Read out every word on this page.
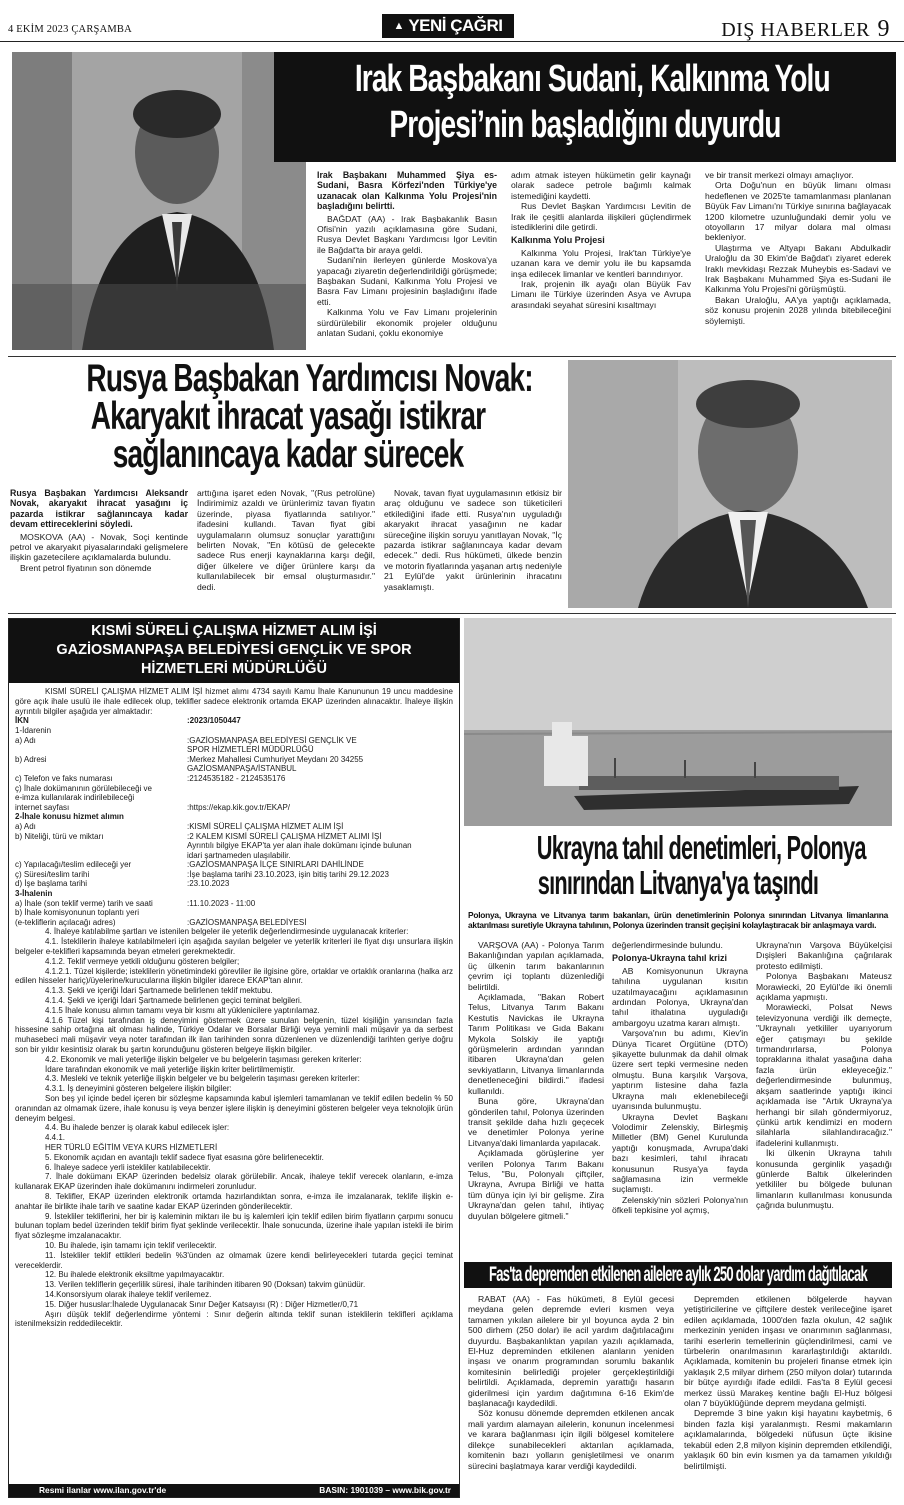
4 EKİM 2023 ÇARŞAMBA	▲ YENİ ÇAĞRI	DIŞ HABERLER 9
Irak Başbakanı Sudani, Kalkınma Yolu
Projesi’nin başladığını duyurdu
Irak Başbakanı Muhammed Şiya es-Sudani, Basra Körfezi'nden Türkiye'ye uzanacak olan Kalkınma Yolu Projesi'nin başladığını belirtti.

BAĞDAT (AA) - Irak Başbakanlık Basın Ofisi'nin yazılı açıklamasına göre Sudani, Rusya Devlet Başkanı Yardımcısı Igor Levitin ile Bağdat'ta bir araya geldi.

Sudani'nin ilerleyen günlerde Moskova'ya yapacağı ziyaretin değerlendirildiği görüşmede; Başbakan Sudani, Kalkınma Yolu Projesi ve Basra Fav Limanı projesinin başladığını ifade etti.

Kalkınma Yolu ve Fav Limanı projelerinin sürdürülebilir ekonomik projeler olduğunu anlatan Sudani, çoklu ekonomiye

adım atmak isteyen hükümetin gelir kaynağı olarak sadece petrole bağımlı kalmak istemediğini kaydetti.

Rus Devlet Başkan Yardımcısı Levitin de Irak ile çeşitli alanlarda ilişkileri güçlendirmek istediklerini dile getirdi.

Kalkınma Yolu Projesi

Kalkınma Yolu Projesi, Irak'tan Türkiye'ye uzanan kara ve demir yolu ile bu kapsamda inşa edilecek limanlar ve kentleri barındırıyor.

Irak, projenin ilk ayağı olan Büyük Fav Limanı ile Türkiye üzerinden Asya ve Avrupa arasındaki seyahat süresini kısaltmayı

ve bir transit merkezi olmayı amaçlıyor.

Orta Doğu'nun en büyük limanı olması hedeflenen ve 2025'te tamamlanması planlanan Büyük Fav Limanı'nı Türkiye sınırına bağlayacak 1200 kilometre uzunluğundaki demir yolu ve otoyolların 17 milyar dolara mal olması bekleniyor.

Ulaştırma ve Altyapı Bakanı Abdulkadir Uraloğlu da 30 Ekim'de Bağdat'ı ziyaret ederek Iraklı mevkidaşı Rezzak Muheybis es-Sadavi ve Irak Başbakanı Muhammed Şiya es-Sudani ile Kalkınma Yolu Projesi'ni görüşmüştü.

Bakan Uraloğlu, AA'ya yaptığı açıklamada, söz konusu projenin 2028 yılında bitebileceğini söylemişti.

Rusya Başbakan Yardımcısı Novak:
Akaryakıt ihracat yasağı istikrar
sağlanıncaya kadar sürecek
Rusya Başbakan Yardımcısı Aleksandr Novak, akaryakıt ihracat yasağını iç pazarda istikrar sağlanıncaya kadar devam ettireceklerini söyledi.

MOSKOVA (AA) - Novak, Soçi kentinde petrol ve akaryakıt piyasalarındaki gelişmelere ilişkin gazetecilere açıklamalarda bulundu.

Brent petrol fiyatının son dönemde

arttığına işaret eden Novak, "(Rus petrolüne) İndirimimiz azaldı ve ürünlerimiz tavan fiyatın üzerinde, piyasa fiyatlarında satılıyor." ifadesini kullandı. Tavan fiyat gibi uygulamaların olumsuz sonuçlar yarattığını belirten Novak, "En kötüsü de gelecekte sadece Rus enerji kaynaklarına karşı değil, diğer ülkelere ve diğer ürünlere karşı da kullanılabilecek bir emsal oluşturmasıdır." dedi.

Novak, tavan fiyat uygulamasının etkisiz bir araç olduğunu ve sadece son tüketicileri etkilediğini ifade etti. Rusya'nın uyguladığı akaryakıt ihracat yasağının ne kadar süreceğine ilişkin soruyu yanıtlayan Novak, "İç pazarda istikrar sağlanıncaya kadar devam edecek." dedi. Rus hükümeti, ülkede benzin ve motorin fiyatlarında yaşanan artış nedeniyle 21 Eylül'de yakıt ürünlerinin ihracatını yasaklamıştı.

KISMİ SÜRELİ ÇALIŞMA HİZMET ALIM İŞİ
GAZİOSMANPAŞA BELEDİYESİ GENÇLİK VE SPOR
HİZMETLERİ MÜDÜRLÜĞÜ

KISMİ SÜRELİ ÇALIŞMA HİZMET ALIM İŞİ hizmet alımı 4734 sayılı Kamu İhale Kanununun 19 uncu maddesine göre açık ihale usulü ile ihale edilecek olup, teklifler sadece elektronik ortamda EKAP üzerinden alınacaktır. İhaleye ilişkin ayrıntılı bilgiler aşağıda yer almaktadır:

İKN	:2023/1050447
1-İdarenin
a) Adı	:GAZİOSMANPAŞA BELEDİYESİ GENÇLİK VE
SPOR HİZMETLERİ MÜDÜRLÜĞÜ
b) Adresi	:Merkez Mahallesi Cumhuriyet Meydanı 20 34255
GAZİOSMANPAŞA/İSTANBUL
c) Telefon ve faks numarası	:2124535182 - 2124535176
ç) İhale dokümanının görülebileceği ve
e-imza kullanılarak indirilebileceği
internet sayfası	:https://ekap.kik.gov.tr/EKAP/
2-İhale konusu hizmet alımın
a) Adı	:KISMİ SÜRELİ ÇALIŞMA HİZMET ALIM İŞİ
b) Niteliği, türü ve miktarı	:2 KALEM KISMİ SÜRELİ ÇALIŞMA HİZMET ALIMI İŞİ
Ayrıntılı bilgiye EKAP'ta yer alan ihale dokümanı içinde bulunan
idari şartnameden ulaşılabilir.
c) Yapılacağı/teslim edileceği yer	:GAZİOSMANPAŞA İLÇE SINIRLARI DAHİLİNDE
ç) Süresi/teslim tarihi	:İşe başlama tarihi 23.10.2023, işin bitiş tarihi 29.12.2023
d) İşe başlama tarihi	:23.10.2023
3-İhalenin
a) İhale (son teklif verme) tarih ve saati	:11.10.2023 - 11:00
b) İhale komisyonunun toplantı yeri
(e-tekliflerin açılacağı adres)	:GAZİOSMANPAŞA BELEDİYESİ

4. İhaleye katılabilme şartları ve istenilen belgeler ile yeterlik değerlendirmesinde uygulanacak kriterler:

4.1. İsteklilerin ihaleye katılabilmeleri için aşağıda sayılan belgeler ve yeterlik kriterleri ile fiyat dışı unsurlara ilişkin belgeler e-teklifleri kapsamında beyan etmeleri gerekmektedir.

4.1.2. Teklif vermeye yetkili olduğunu gösteren belgiler;

4.1.2.1. Tüzel kişilerde; isteklilerin yönetimindeki görevliler ile ilgisine göre, ortaklar ve ortaklık oranlarına (halka arz edilen hisseler hariç)/üyelerine/kurucularına ilişkin bilgiler idarece EKAP'tan alınır.

4.1.3. Şekli ve içeriği İdari Şartnamede belirlenen teklif mektubu.

4.1.4. Şekli ve içeriği İdari Şartnamede belirlenen geçici teminat belgileri.

4.1.5 İhale konusu alımın tamamı veya bir kısmı alt yüklenicilere yaptırılamaz.

4.1.6 Tüzel kişi tarafından iş deneyimini göstermek üzere sunulan belgenin, tüzel kişiliğin yarısından fazla hissesine sahip ortağına ait olması halinde, Türkiye Odalar ve Borsalar Birliği veya yeminli mali müşavir ya da serbest muhasebeci mali müşavir veya noter tarafından ilk ilan tarihinden sonra düzenlenen ve düzenlendiği tarihten geriye doğru son bir yıldır kesintisiz olarak bu şartın korunduğunu gösteren belgeye ilişkin bilgiler.

4.2. Ekonomik ve mali yeterliğe ilişkin belgeler ve bu belgelerin taşıması gereken kriterler:

İdare tarafından ekonomik ve mali yeterliğe ilişkin kriter belirtilmemiştir.

4.3. Mesleki ve teknik yeterliğe ilişkin belgeler ve bu belgelerin taşıması gereken kriterler:

4.3.1. İş deneyimini gösteren belgelere ilişkin bilgiler:

Son beş yıl içinde bedel içeren bir sözleşme kapsamında kabul işlemleri tamamlanan ve teklif edilen bedelin % 50 oranından az olmamak üzere, ihale konusu iş veya benzer işlere ilişkin iş deneyimini gösteren belgeler veya teknolojik ürün deneyim belgesi.

4.4. Bu ihalede benzer iş olarak kabul edilecek işler:

4.4.1.

HER TÜRLÜ EĞİTİM VEYA KURS HİZMETLERİ

5. Ekonomik açıdan en avantajlı teklif sadece fiyat esasına göre belirlenecektir.

6. İhaleye sadece yerli istekliler katılabilecektir.

7. İhale dokümanı EKAP üzerinden bedelsiz olarak görülebilir. Ancak, ihaleye teklif verecek olanların, e-imza kullanarak EKAP üzerinden ihale dokümanını indirmeleri zorunludur.

8. Teklifler, EKAP üzerinden elektronik ortamda hazırlandıktan sonra, e-imza ile imzalanarak, teklife ilişkin e-anahtar ile birlikte ihale tarih ve saatine kadar EKAP üzerinden gönderilecektir.

9. İstekliler tekliflerini, her bir iş kaleminin miktarı ile bu iş kalemleri için teklif edilen birim fiyatların çarpımı sonucu bulunan toplam bedel üzerinden teklif birim fiyat şeklinde verilecektir. İhale sonucunda, üzerine ihale yapılan istekli ile birim fiyat sözleşme imzalanacaktır.

10. Bu ihalede, işin tamamı için teklif verilecektir.

11. İstekliler teklif ettikleri bedelin %3'ünden az olmamak üzere kendi belirleyecekleri tutarda geçici teminat vereceklerdir.

12. Bu ihalede elektronik eksiltme yapılmayacaktır.

13. Verilen tekliflerin geçerlilik süresi, ihale tarihinden itibaren 90 (Doksan) takvim günüdür.

14.Konsorsiyum olarak ihaleye teklif verilemez.

15. Diğer hususlar:İhalede Uygulanacak Sınır Değer Katsayısı (R) : Diğer Hizmetler/0,71

Aşırı düşük teklif değerlendirme yöntemi : Sınır değerin altında teklif sunan isteklilerin teklifleri açıklama istenilmeksizin reddedilecektir.

Resmi ilanlar www.ilan.gov.tr'de	BASIN: 1901039 – www.bik.gov.tr
Ukrayna tahıl denetimleri, Polonya
sınırından Litvanya'ya taşındı
Polonya, Ukrayna ve Litvanya tarım bakanları, ürün denetimlerinin Polonya sınırından Litvanya limanlarına aktarılması suretiyle Ukrayna tahılının, Polonya üzerinden transit geçişini kolaylaştıracak bir anlaşmaya vardı.

VARŞOVA (AA) - Polonya Tarım Bakanlığından yapılan açıklamada, üç ülkenin tarım bakanlarının çevrim içi toplantı düzenlediği belirtildi.

Açıklamada, "Bakan Robert Telus, Litvanya Tarım Bakanı Kestutis Navickas ile Ukrayna Tarım Politikası ve Gıda Bakanı Mykola Solskiy ile yaptığı görüşmelerin ardından yarından itibaren Ukrayna'dan gelen sevkiyatların, Litvanya limanlarında denetleneceğini bildirdi." ifadesi kullanıldı.

Buna göre, Ukrayna'dan gönderilen tahıl, Polonya üzerinden transit şekilde daha hızlı geçecek ve denetimler Polonya yerine Litvanya'daki limanlarda yapılacak.

Açıklamada görüşlerine yer verilen Polonya Tarım Bakanı Telus, "Bu, Polonyalı çiftçiler, Ukrayna, Avrupa Birliği ve hatta tüm dünya için iyi bir gelişme. Zira Ukrayna'dan gelen tahıl, ihtiyaç duyulan bölgelere gitmeli."

değerlendirmesinde bulundu.

Polonya-Ukrayna tahıl krizi

AB Komisyonunun Ukrayna tahılına uygulanan kısıtın uzatılmayacağını açıklamasının ardından Polonya, Ukrayna'dan tahıl ithalatına uyguladığı ambargoyu uzatma kararı almıştı.

Varşova'nın bu adımı, Kiev'in Dünya Ticaret Örgütüne (DTÖ) şikayette bulunmak da dahil olmak üzere sert tepki vermesine neden olmuştu. Buna karşılık Varşova, yaptırım listesine daha fazla Ukrayna malı eklenebileceği uyarısında bulunmuştu.

Ukrayna Devlet Başkanı Volodimir Zelenskiy, Birleşmiş Milletler (BM) Genel Kurulunda yaptığı konuşmada, Avrupa'daki bazı kesimleri, tahıl ihracatı konusunun Rusya'ya fayda sağlamasına izin vermekle suçlamıştı.

Zelenskiy'nin sözleri Polonya'nın öfkeli tepkisine yol açmış,

Ukrayna'nın Varşova Büyükelçisi Dışişleri Bakanlığına çağrılarak protesto edilmişti.

Polonya Başbakanı Mateusz Morawiecki, 20 Eylül'de iki önemli açıklama yapmıştı.

Morawiecki, Polsat News televizyonuna verdiği ilk demeçte, "Ukraynalı yetkililer uyarıyorum eğer çatışmayı bu şekilde tırmandırırlarsa, Polonya topraklarına ithalat yasağına daha fazla ürün ekleyeceğiz." değerlendirmesinde bulunmuş, akşam saatlerinde yaptığı ikinci açıklamada ise "Artık Ukrayna'ya herhangi bir silah göndermiyoruz, çünkü artık kendimizi en modern silahlarla silahlandıracağız." ifadelerini kullanmıştı.

İki ülkenin Ukrayna tahılı konusunda gerginlik yaşadığı günlerde Baltık ülkelerinden yetkililer bu bölgede bulunan limanların kullanılması konusunda çağrıda bulunmuştu.

Fas'ta depremden etkilenen ailelere aylık 250 dolar yardım dağıtılacak

RABAT (AA) - Fas hükümeti, 8 Eylül gecesi meydana gelen depremde evleri kısmen veya tamamen yıkılan ailelere bir yıl boyunca ayda 2 bin 500 dirhem (250 dolar) ile acil yardım dağıtılacağını duyurdu. Başbakanlıktan yapılan yazılı açıklamada, El-Huz depreminden etkilenen alanların yeniden inşası ve onarım programından sorumlu bakanlık komitesinin belirlediği projeler gerçekleştirildiği belirtildi. Açıklamada, depremin yarattığı hasarın giderilmesi için yardım dağıtımına 6-16 Ekim'de başlanacağı kaydedildi.

Söz konusu dönemde depremden etkilenen ancak mali yardım alamayan ailelerin, konunun incelenmesi ve karara bağlanması için ilgili bölgesel komitelere dilekçe sunabilecekleri aktarılan açıklamada, komitenin bazı yolların genişletilmesi ve onarım sürecini başlatmaya karar verdiği kaydedildi.

Depremden etkilenen bölgelerde hayvan yetiştiricilerine ve çiftçilere destek verileceğine işaret edilen açıklamada, 1000'den fazla okulun, 42 sağlık merkezinin yeniden inşası ve onarımının sağlanması, tarihi eserlerin temellerinin güçlendirilmesi, cami ve türbelerin onarılmasının kararlaştırıldığı aktarıldı. Açıklamada, komitenin bu projeleri finanse etmek için yaklaşık 2,5 milyar dirhem (250 milyon dolar) tutarında bir bütçe ayırdığı ifade edildi. Fas'ta 8 Eylül gecesi merkez üssü Marakeş kentine bağlı El-Huz bölgesi olan 7 büyüklüğünde deprem meydana gelmişti.

Depremde 3 bine yakın kişi hayatını kaybetmiş, 6 binden fazla kişi yaralanmıştı. Resmi makamların açıklamalarında, bölgedeki nüfusun üçte ikisine tekabül eden 2,8 milyon kişinin depremden etkilendiği, yaklaşık 60 bin evin kısmen ya da tamamen yıkıldığı belirtilmişti.
